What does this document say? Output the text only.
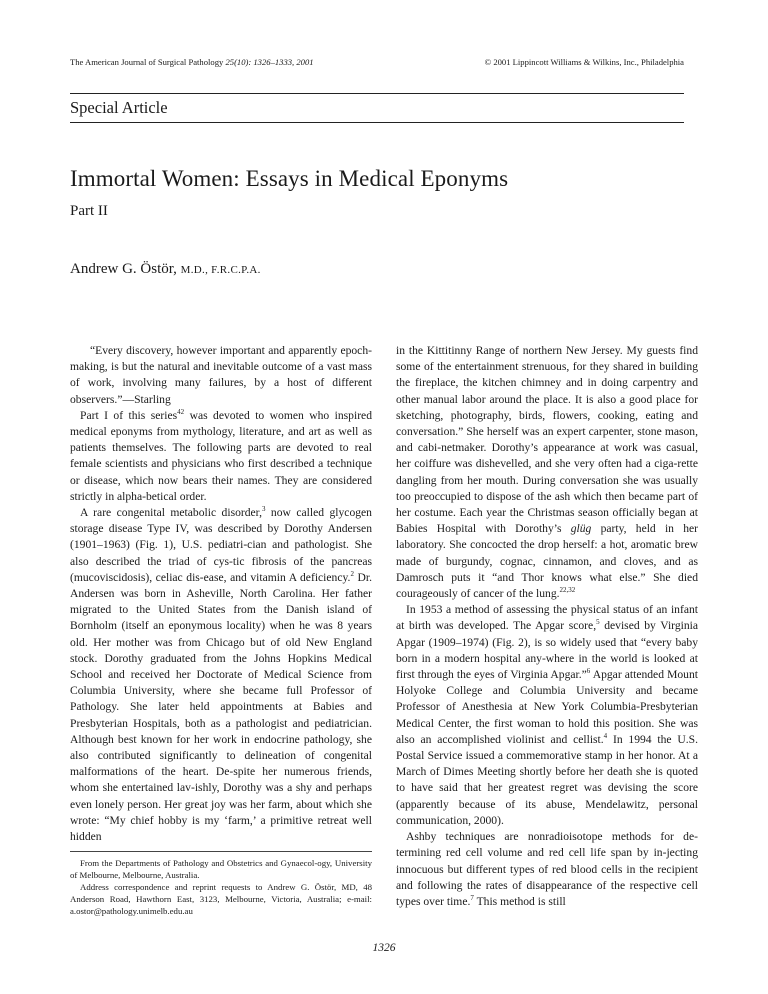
The American Journal of Surgical Pathology 25(10): 1326–1333, 2001	© 2001 Lippincott Williams & Wilkins, Inc., Philadelphia
Special Article
Immortal Women: Essays in Medical Eponyms
Part II
Andrew G. Östör, M.D., F.R.C.P.A.

“Every discovery, however important and apparently epoch-making, is but the natural and inevitable outcome of a vast mass of work, involving many failures, by a host of different observers.”—Starling

Part I of this series$^{42}$ was devoted to women who inspired medical eponyms from mythology, literature, and art as well as patients themselves. The following parts are devoted to real female scientists and physicians who first described a technique or disease, which now bears their names. They are considered strictly in alpha-betical order.

A rare congenital metabolic disorder,$^3$ now called glycogen storage disease Type IV, was described by Dorothy Andersen (1901–1963) (Fig. 1), U.S. pediatri-cian and pathologist. She also described the triad of cys-tic fibrosis of the pancreas (mucoviscidosis), celiac dis-ease, and vitamin A deficiency.$^2$ Dr. Andersen was born in Asheville, North Carolina. Her father migrated to the United States from the Danish island of Bornholm (itself an eponymous locality) when he was 8 years old. Her mother was from Chicago but of old New England stock. Dorothy graduated from the Johns Hopkins Medical School and received her Doctorate of Medical Science from Columbia University, where she became full Professor of Pathology. She later held appointments at Babies and Presbyterian Hospitals, both as a pathologist and pediatrician. Although best known for her work in endocrine pathology, she also contributed significantly to delineation of congenital malformations of the heart. De-spite her numerous friends, whom she entertained lav-ishly, Dorothy was a shy and perhaps even lonely person. Her great joy was her farm, about which she wrote: “My chief hobby is my ‘farm,’ a primitive retreat well hidden

in the Kittitinny Range of northern New Jersey. My guests find some of the entertainment strenuous, for they shared in building the fireplace, the kitchen chimney and in doing carpentry and other manual labor around the place. It is also a good place for sketching, photography, birds, flowers, cooking, eating and conversation.” She herself was an expert carpenter, stone mason, and cabi-netmaker. Dorothy’s appearance at work was casual, her coiffure was dishevelled, and she very often had a ciga-rette dangling from her mouth. During conversation she was usually too preoccupied to dispose of the ash which then became part of her costume. Each year the Christmas season officially began at Babies Hospital with Dorothy’s glüg party, held in her laboratory. She concocted the drop herself: a hot, aromatic brew made of burgundy, cognac, cinnamon, and cloves, and as Damrosch puts it “and Thor knows what else.” She died courageously of cancer of the lung.$^{22,32}$

In 1953 a method of assessing the physical status of an infant at birth was developed. The Apgar score,$^5$ devised by Virginia Apgar (1909–1974) (Fig. 2), is so widely used that “every baby born in a modern hospital any-where in the world is looked at first through the eyes of Virginia Apgar.”$^6$ Apgar attended Mount Holyoke College and Columbia University and became Professor of Anesthesia at New York Columbia-Presbyterian Medical Center, the first woman to hold this position. She was also an accomplished violinist and cellist.$^4$ In 1994 the U.S. Postal Service issued a commemorative stamp in her honor. At a March of Dimes Meeting shortly before her death she is quoted to have said that her greatest regret was devising the score (apparently because of its abuse, Mendelawitz, personal communication, 2000).

Ashby techniques are nonradioisotope methods for de-termining red cell volume and red cell life span by in-jecting innocuous but different types of red blood cells in the recipient and following the rates of disappearance of the respective cell types over time.$^7$ This method is still

From the Departments of Pathology and Obstetrics and Gynaecol-ogy, University of Melbourne, Melbourne, Australia.

Address correspondence and reprint requests to Andrew G. Östör, MD, 48 Anderson Road, Hawthorn East, 3123, Melbourne, Victoria, Australia; e-mail: a.ostor@pathology.unimelb.edu.au

1326
